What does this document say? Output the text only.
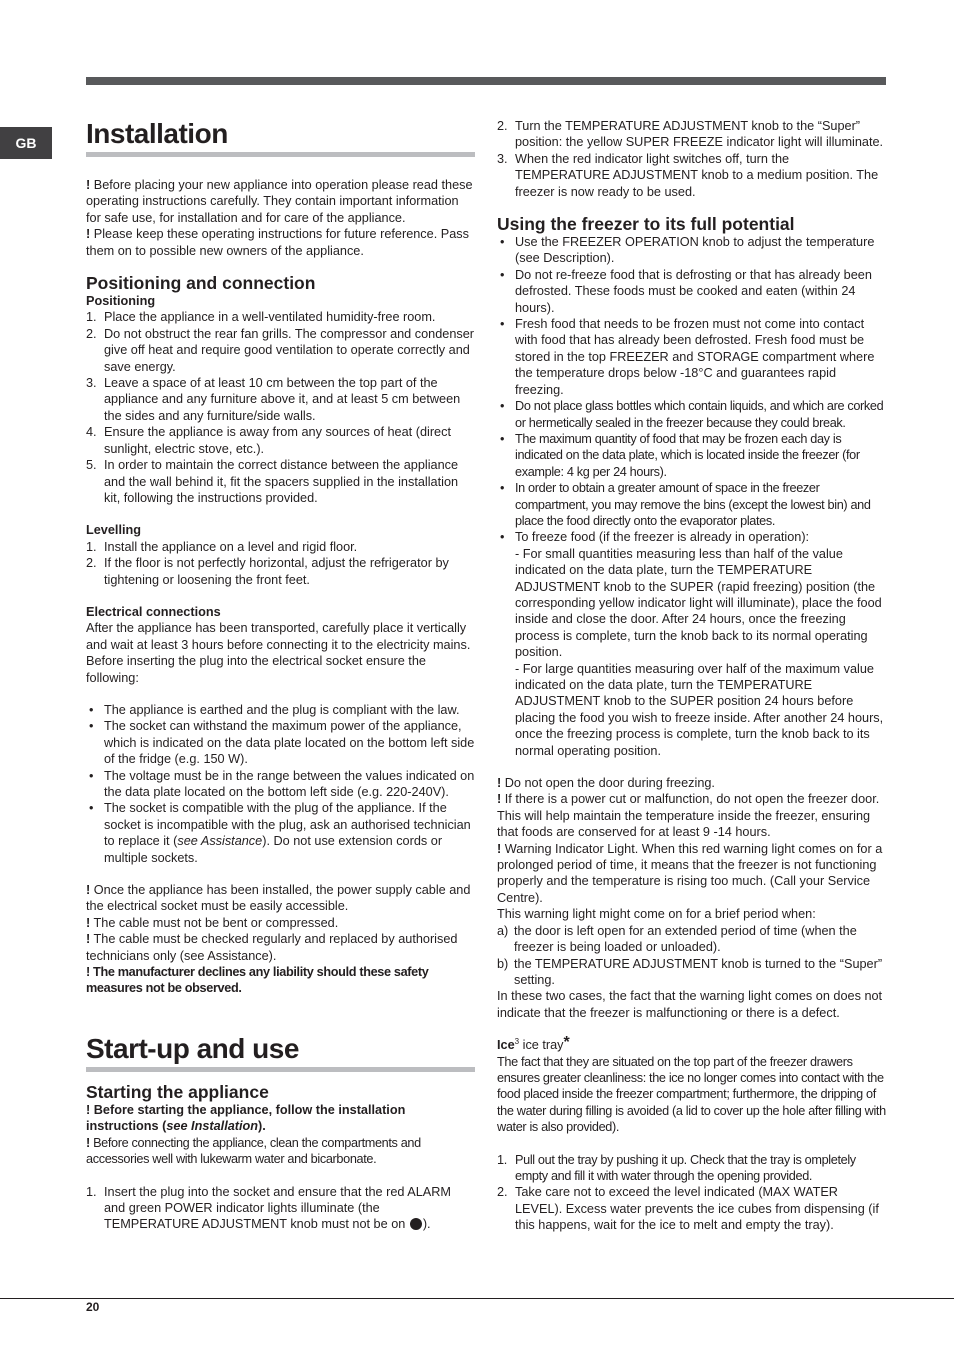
GB	Installation

! Before placing your new appliance into operation please read these operating instructions carefully. They contain important information for safe use, for installation and for care of the appliance.

! Please keep these operating instructions for future reference. Pass them on to possible new owners of the appliance.

Positioning and connection
Positioning
1. Place the appliance in a well-ventilated humidity-free room.
2. Do not obstruct the rear fan grills. The compressor and condenser give off heat and require good ventilation to operate correctly and save energy.
3. Leave a space of at least 10 cm between the top part of the appliance and any furniture above it, and at least 5 cm between the sides and any furniture/side walls.
4. Ensure the appliance is away from any sources of heat (direct sunlight, electric stove, etc.).
5. In order to maintain the correct distance between the appliance and the wall behind it, fit the spacers supplied in the installation kit, following the instructions provided.
Levelling
1. Install the appliance on a level and rigid floor.
2. If the floor is not perfectly horizontal, adjust the refrigerator by tightening or loosening the front feet.
Electrical connections

After the appliance has been transported, carefully place it vertically and wait at least 3 hours before connecting it to the electricity mains. Before inserting the plug into the electrical socket ensure the following:

• The appliance is earthed and the plug is compliant with the law.
• The socket can withstand the maximum power of the appliance, which is indicated on the data plate located on the bottom left side of the fridge (e.g. 150 W).
• The voltage must be in the range between the values indicated on the data plate located on the bottom left side (e.g. 220-240V).
• The socket is compatible with the plug of the appliance. If the socket is incompatible with the plug, ask an authorised technician to replace it (see Assistance). Do not use extension cords or multiple sockets.

! Once the appliance has been installed, the power supply cable and the electrical socket must be easily accessible.

! The cable must not be bent or compressed.

! The cable must be checked regularly and replaced by authorised technicians only (see Assistance).

! The manufacturer declines any liability should these safety measures not be observed.

Start-up and use
Starting the appliance

! Before starting the appliance, follow the installation instructions (see Installation).

! Before connecting the appliance, clean the compartments and accessories well with lukewarm water and bicarbonate.

1. Insert the plug into the socket and ensure that the red ALARM and green POWER indicator lights illuminate (the TEMPERATURE ADJUSTMENT knob must not be on ).
2. Turn the TEMPERATURE ADJUSTMENT knob to the “Super” position: the yellow SUPER FREEZE indicator light will illuminate.
3. When the red indicator light switches off, turn the TEMPERATURE ADJUSTMENT knob to a medium position. The freezer is now ready to be used.
Using the freezer to its full potential
• Use the FREEZER OPERATION knob to adjust the temperature (see Description).
• Do not re-freeze food that is defrosting or that has already been defrosted. These foods must be cooked and eaten (within 24 hours).
• Fresh food that needs to be frozen must not come into contact with food that has already been defrosted. Fresh food must be stored in the top FREEZER and STORAGE compartment where the temperature drops below -18°C and guarantees rapid freezing.
• Do not place glass bottles which contain liquids, and which are corked or hermetically sealed in the freezer because they could break.
• The maximum quantity of food that may be frozen each day is indicated on the data plate, which is located inside the freezer (for example: 4 kg per 24 hours).
• In order to obtain a greater amount of space in the freezer compartment, you may remove the bins (except the lowest bin) and place the food directly onto the evaporator plates.
• To freeze food (if the freezer is already in operation):
- For small quantities measuring less than half of the value indicated on the data plate, turn the TEMPERATURE ADJUSTMENT knob to the SUPER (rapid freezing) position (the corresponding yellow indicator light will illuminate), place the food inside and close the door. After 24 hours, once the freezing process is complete, turn the knob back to its normal operating position.
- For large quantities measuring over half of the maximum value indicated on the data plate, turn the TEMPERATURE ADJUSTMENT knob to the SUPER position 24 hours before placing the food you wish to freeze inside. After another 24 hours, once the freezing process is complete, turn the knob back to its normal operating position.

! Do not open the door during freezing.

! If there is a power cut or malfunction, do not open the freezer door. This will help maintain the temperature inside the freezer, ensuring that foods are conserved for at least 9 -14 hours.

! Warning Indicator Light. When this red warning light comes on for a prolonged period of time, it means that the freezer is not functioning properly and the temperature is rising too much. (Call your Service Centre).

This warning light might come on for a brief period when:

a) the door is left open for an extended period of time (when the freezer is being loaded or unloaded).
b) the TEMPERATURE ADJUSTMENT knob is turned to the “Super” setting.

In these two cases, the fact that the warning light comes on does not indicate that the freezer is malfunctioning or there is a defect.

Ice$^3$ ice tray*

The fact that they are situated on the top part of the freezer drawers ensures greater cleanliness: the ice no longer comes into contact with the food placed inside the freezer compartment; furthermore, the dripping of the water during filling is avoided (a lid to cover up the hole after filling with water is also provided).

1. Pull out the tray by pushing it up. Check that the tray is ompletely empty and fill it with water through the opening provided.
2. Take care not to exceed the level indicated (MAX WATER LEVEL). Excess water prevents the ice cubes from dispensing (if this happens, wait for the ice to melt and empty the tray).
20
